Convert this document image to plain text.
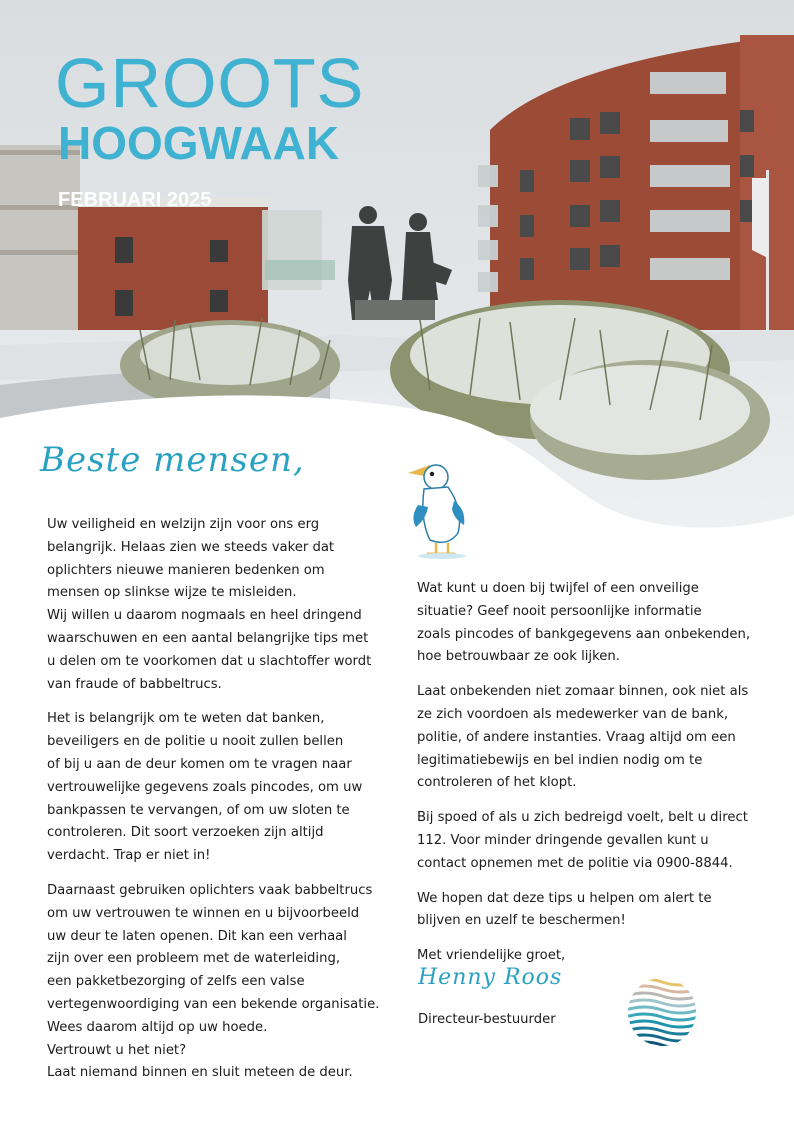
GROOTS
HOOGWAAK
FEBRUARI 2025
Beste mensen,

Uw veiligheid en welzijn zijn voor ons erg
belangrijk. Helaas zien we steeds vaker dat
oplichters nieuwe manieren bedenken om
mensen op slinkse wijze te misleiden.
Wij willen u daarom nogmaals en heel dringend
waarschuwen en een aantal belangrijke tips met
u delen om te voorkomen dat u slachtoffer wordt
van fraude of babbeltrucs.

Het is belangrijk om te weten dat banken,
beveiligers en de politie u nooit zullen bellen
of bij u aan de deur komen om te vragen naar
vertrouwelijke gegevens zoals pincodes, om uw
bankpassen te vervangen, of om uw sloten te
controleren. Dit soort verzoeken zijn altijd
verdacht. Trap er niet in!

Daarnaast gebruiken oplichters vaak babbeltrucs
om uw vertrouwen te winnen en u bijvoorbeeld
uw deur te laten openen. Dit kan een verhaal
zijn over een probleem met de waterleiding,
een pakketbezorging of zelfs een valse
vertegenwoordiging van een bekende organisatie.
Wees daarom altijd op uw hoede.
Vertrouwt u het niet?
Laat niemand binnen en sluit meteen de deur.

Wat kunt u doen bij twijfel of een onveilige
situatie? Geef nooit persoonlijke informatie
zoals pincodes of bankgegevens aan onbekenden,
hoe betrouwbaar ze ook lijken.

Laat onbekenden niet zomaar binnen, ook niet als
ze zich voordoen als medewerker van de bank,
politie, of andere instanties. Vraag altijd om een
legitimatiebewijs en bel indien nodig om te
controleren of het klopt.

Bij spoed of als u zich bedreigd voelt, belt u direct
112. Voor minder dringende gevallen kunt u
contact opnemen met de politie via 0900-8844.

We hopen dat deze tips u helpen om alert te
blijven en uzelf te beschermen!

Met vriendelijke groet,

Henny Roos
Directeur-bestuurder
